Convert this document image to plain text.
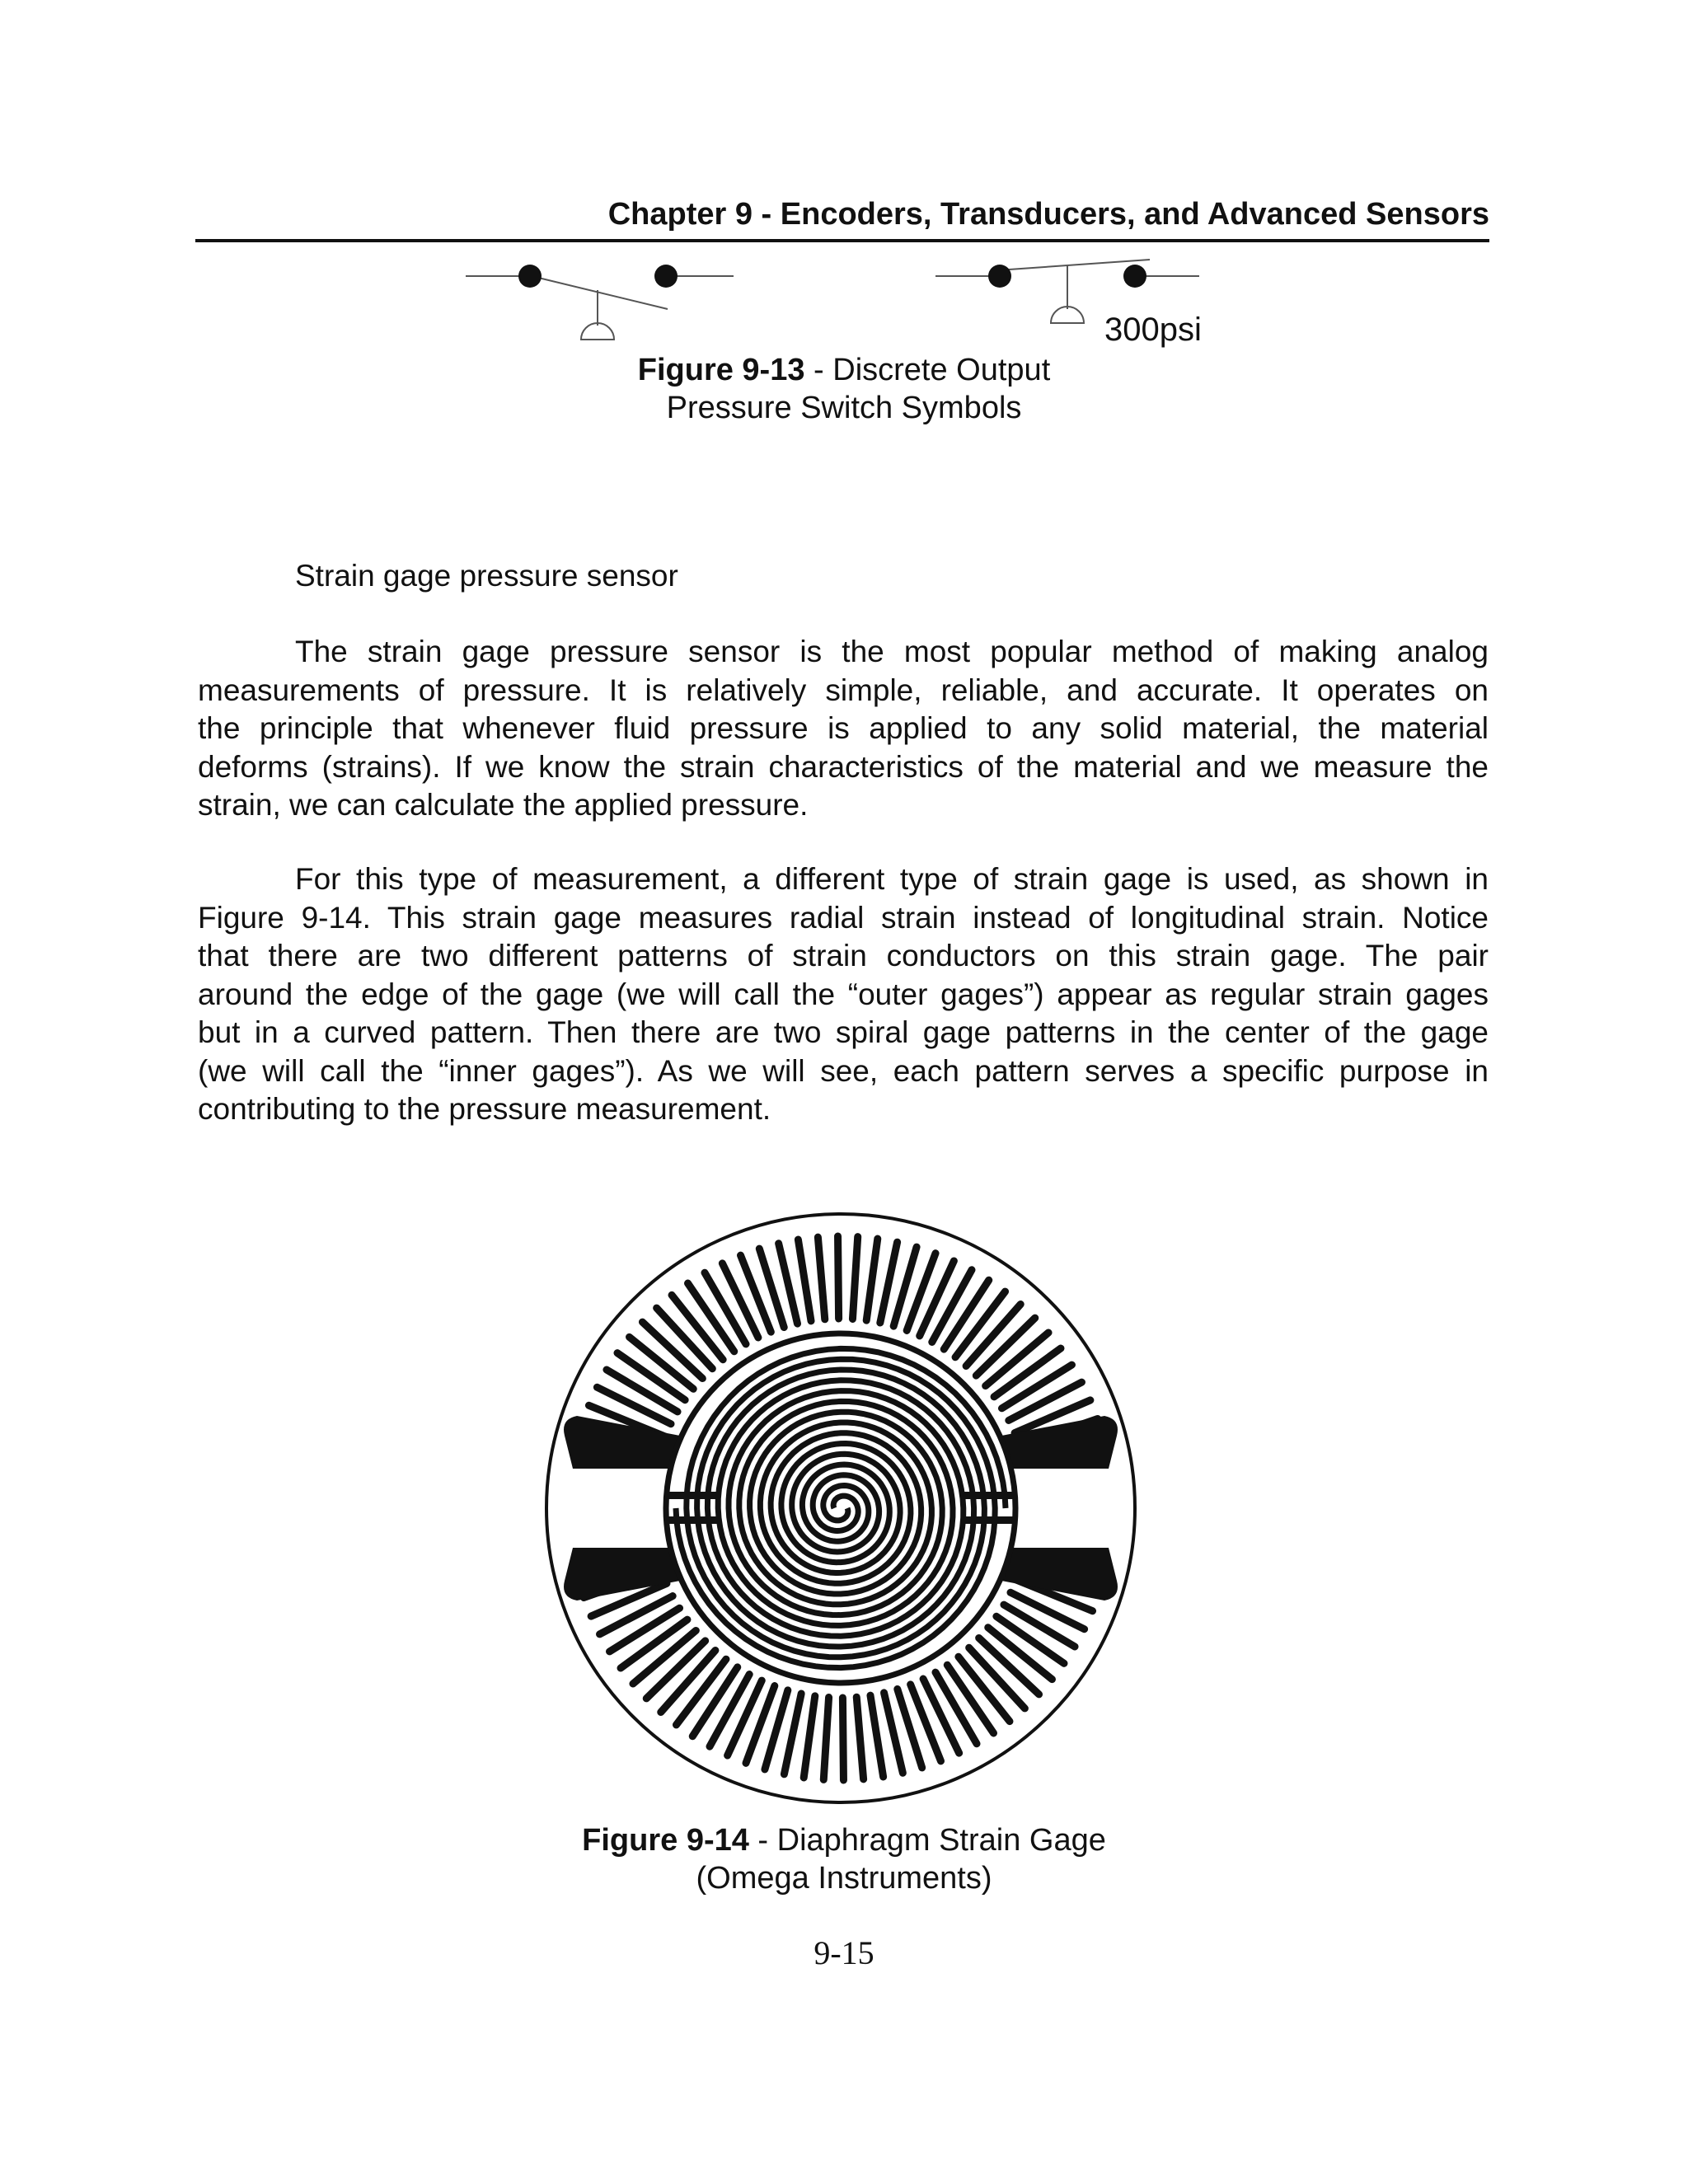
Chapter 9 - Encoders, Transducers, and Advanced Sensors
300psi
Figure 9-13 - Discrete Output
Pressure Switch Symbols
Strain gage pressure sensor
The strain gage pressure sensor is the most popular method of making analog
measurements of pressure. It is relatively simple, reliable, and accurate. It operates on
the principle that whenever fluid pressure is applied to any solid material, the material
deforms (strains). If we know the strain characteristics of the material and we measure the
strain, we can calculate the applied pressure.
For this type of measurement, a different type of strain gage is used, as shown in
Figure 9-14. This strain gage measures radial strain instead of longitudinal strain. Notice
that there are two different patterns of strain conductors on this strain gage. The pair
around the edge of the gage (we will call the “outer gages”) appear as regular strain gages
but in a curved pattern. Then there are two spiral gage patterns in the center of the gage
(we will call the “inner gages”). As we will see, each pattern serves a specific purpose in
contributing to the pressure measurement.
Figure 9-14 - Diaphragm Strain Gage
(Omega Instruments)
9-15
